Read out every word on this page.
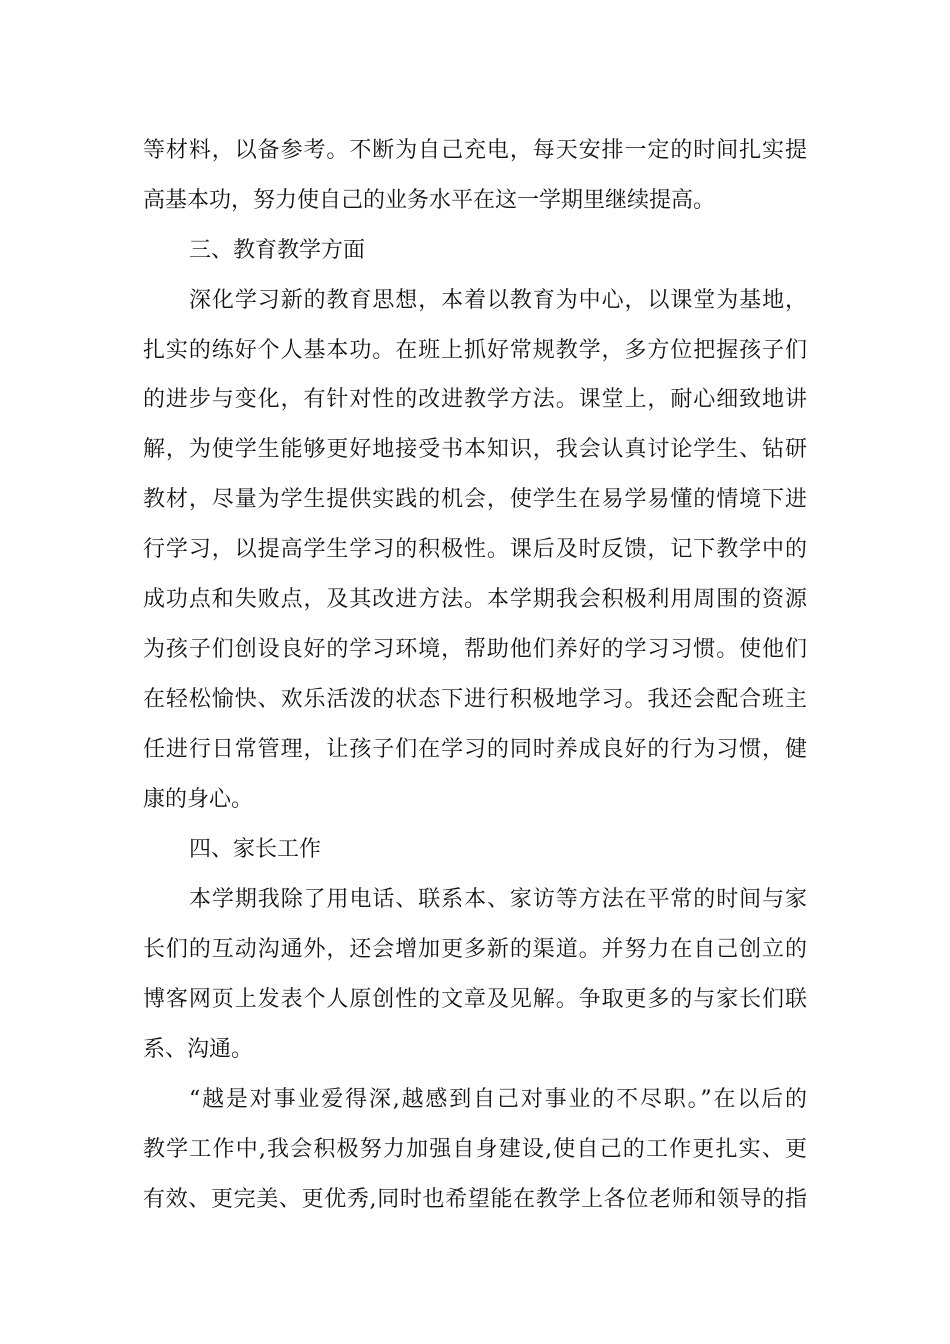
等材料，以备参考。不断为自己充电，每天安排一定的时间扎实提
高基本功，努力使自己的业务水平在这一学期里继续提高。
三、教育教学方面
深化学习新的教育思想，本着以教育为中心，以课堂为基地，
扎实的练好个人基本功。在班上抓好常规教学，多方位把握孩子们
的进步与变化，有针对性的改进教学方法。课堂上，耐心细致地讲
解，为使学生能够更好地接受书本知识，我会认真讨论学生、钻研
教材，尽量为学生提供实践的机会，使学生在易学易懂的情境下进
行学习，以提高学生学习的积极性。课后及时反馈，记下教学中的
成功点和失败点，及其改进方法。本学期我会积极利用周围的资源
为孩子们创设良好的学习环境，帮助他们养好的学习习惯。使他们
在轻松愉快、欢乐活泼的状态下进行积极地学习。我还会配合班主
任进行日常管理，让孩子们在学习的同时养成良好的行为习惯，健
康的身心。
四、家长工作
本学期我除了用电话、联系本、家访等方法在平常的时间与家
长们的互动沟通外，还会增加更多新的渠道。并努力在自己创立的
博客网页上发表个人原创性的文章及见解。争取更多的与家长们联
系、沟通。
“越是对事业爱得深,越感到自己对事业的不尽职。”在以后的
教学工作中,我会积极努力加强自身建设,使自己的工作更扎实、更
有效、更完美、更优秀,同时也希望能在教学上各位老师和领导的指
